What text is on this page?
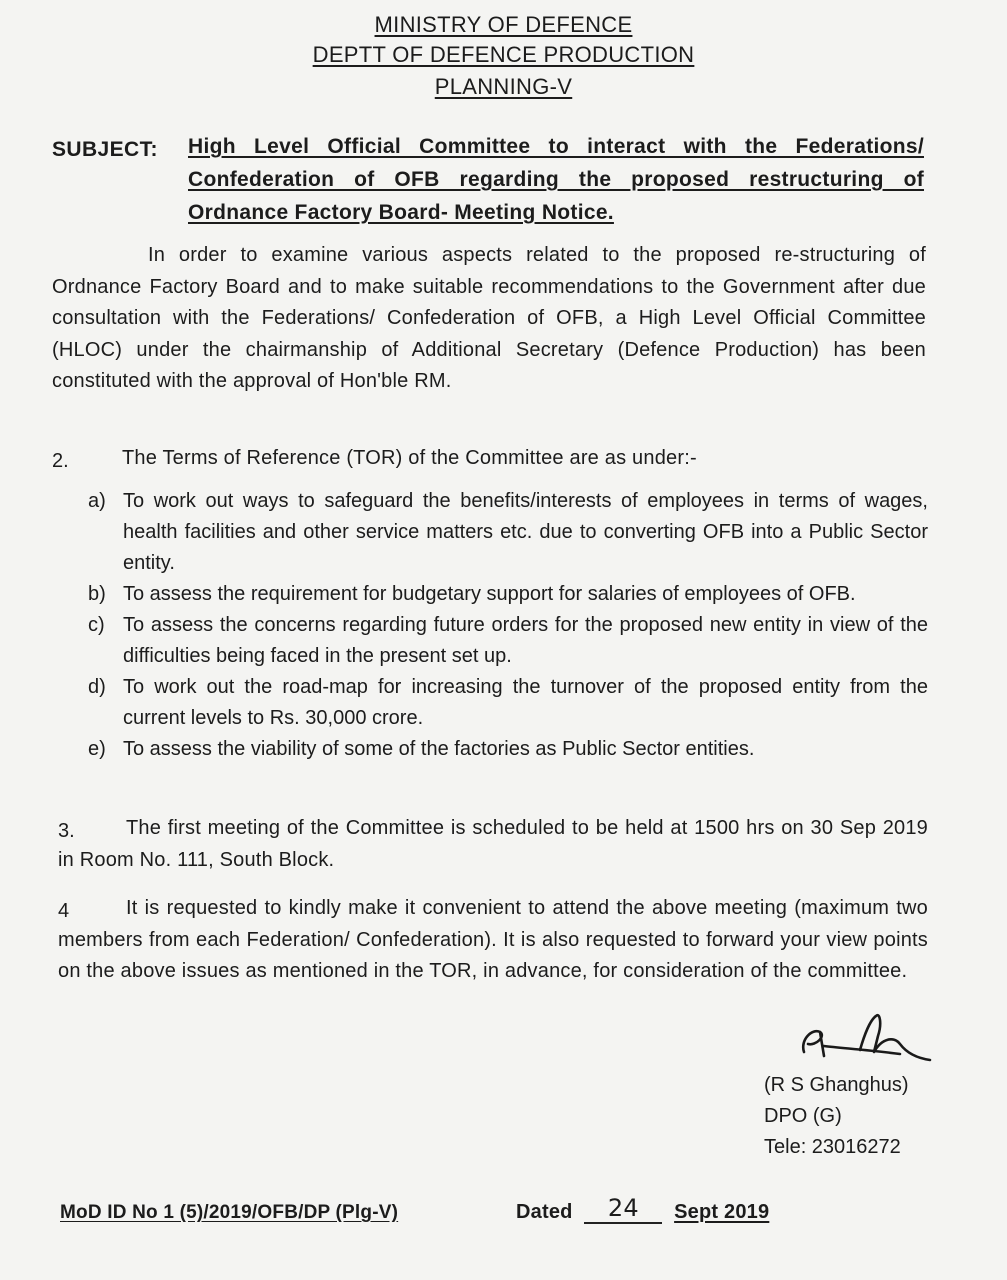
MINISTRY OF DEFENCE
DEPTT OF DEFENCE PRODUCTION
PLANNING-V
SUBJECT: High Level Official Committee to interact with the Federations/ Confederation of OFB regarding the proposed restructuring of Ordnance Factory Board- Meeting Notice.
In order to examine various aspects related to the proposed re-structuring of Ordnance Factory Board and to make suitable recommendations to the Government after due consultation with the Federations/ Confederation of OFB, a High Level Official Committee (HLOC) under the chairmanship of Additional Secretary (Defence Production) has been constituted with the approval of Hon'ble RM.
2.	The Terms of Reference (TOR) of the Committee are as under:-
a) To work out ways to safeguard the benefits/interests of employees in terms of wages, health facilities and other service matters etc. due to converting OFB into a Public Sector entity.
b) To assess the requirement for budgetary support for salaries of employees of OFB.
c) To assess the concerns regarding future orders for the proposed new entity in view of the difficulties being faced in the present set up.
d) To work out the road-map for increasing the turnover of the proposed entity from the current levels to Rs. 30,000 crore.
e) To assess the viability of some of the factories as Public Sector entities.
3.	The first meeting of the Committee is scheduled to be held at 1500 hrs on 30 Sep 2019 in Room No. 111, South Block.
4	It is requested to kindly make it convenient to attend the above meeting (maximum two members from each Federation/ Confederation). It is also requested to forward your view points on the above issues as mentioned in the TOR, in advance, for consideration of the committee.
(R S Ghanghus)
DPO (G)
Tele: 23016272
MoD ID No 1 (5)/2019/OFB/DP (Plg-V)	Dated 24 Sept 2019
